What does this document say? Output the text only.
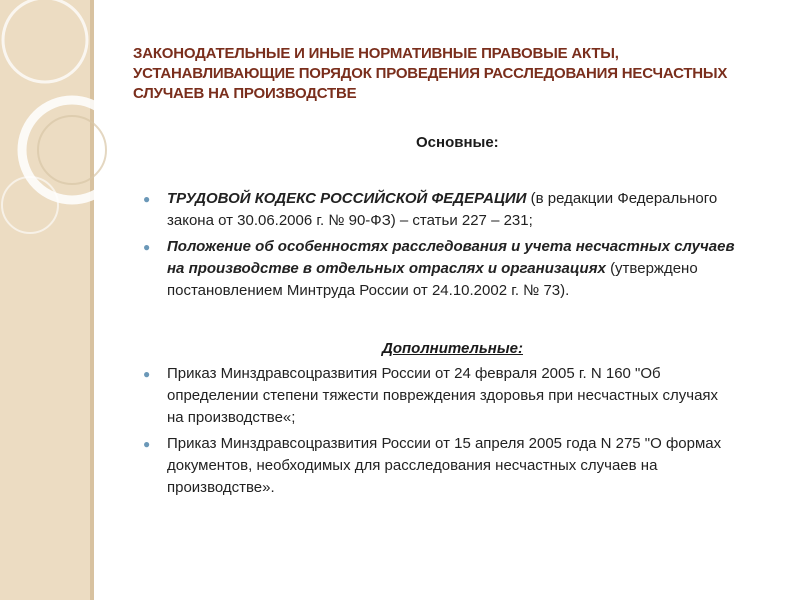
ЗАКОНОДАТЕЛЬНЫЕ И ИНЫЕ НОРМАТИВНЫЕ ПРАВОВЫЕ АКТЫ,
УСТАНАВЛИВАЮЩИЕ ПОРЯДОК ПРОВЕДЕНИЯ РАССЛЕДОВАНИЯ НЕСЧАСТНЫХ
СЛУЧАЕВ НА ПРОИЗВОДСТВЕ
Основные:
● ТРУДОВОЙ КОДЕКС РОССИЙСКОЙ ФЕДЕРАЦИИ (в редакции Федерального
закона от 30.06.2006 г. № 90-ФЗ) – статьи 227 – 231;
● Положение об особенностях расследования и учета несчастных случаев
на производстве в отдельных отраслях и организациях (утверждено
постановлением Минтруда России от 24.10.2002 г. № 73).
Дополнительные:
● Приказ Минздравсоцразвития России от 24 февраля 2005 г. N 160 "Об
определении степени тяжести повреждения здоровья при несчастных случаях
на производстве«;
● Приказ Минздравсоцразвития России от 15 апреля 2005 года N 275 "О формах
документов, необходимых для расследования несчастных случаев на
производстве».
